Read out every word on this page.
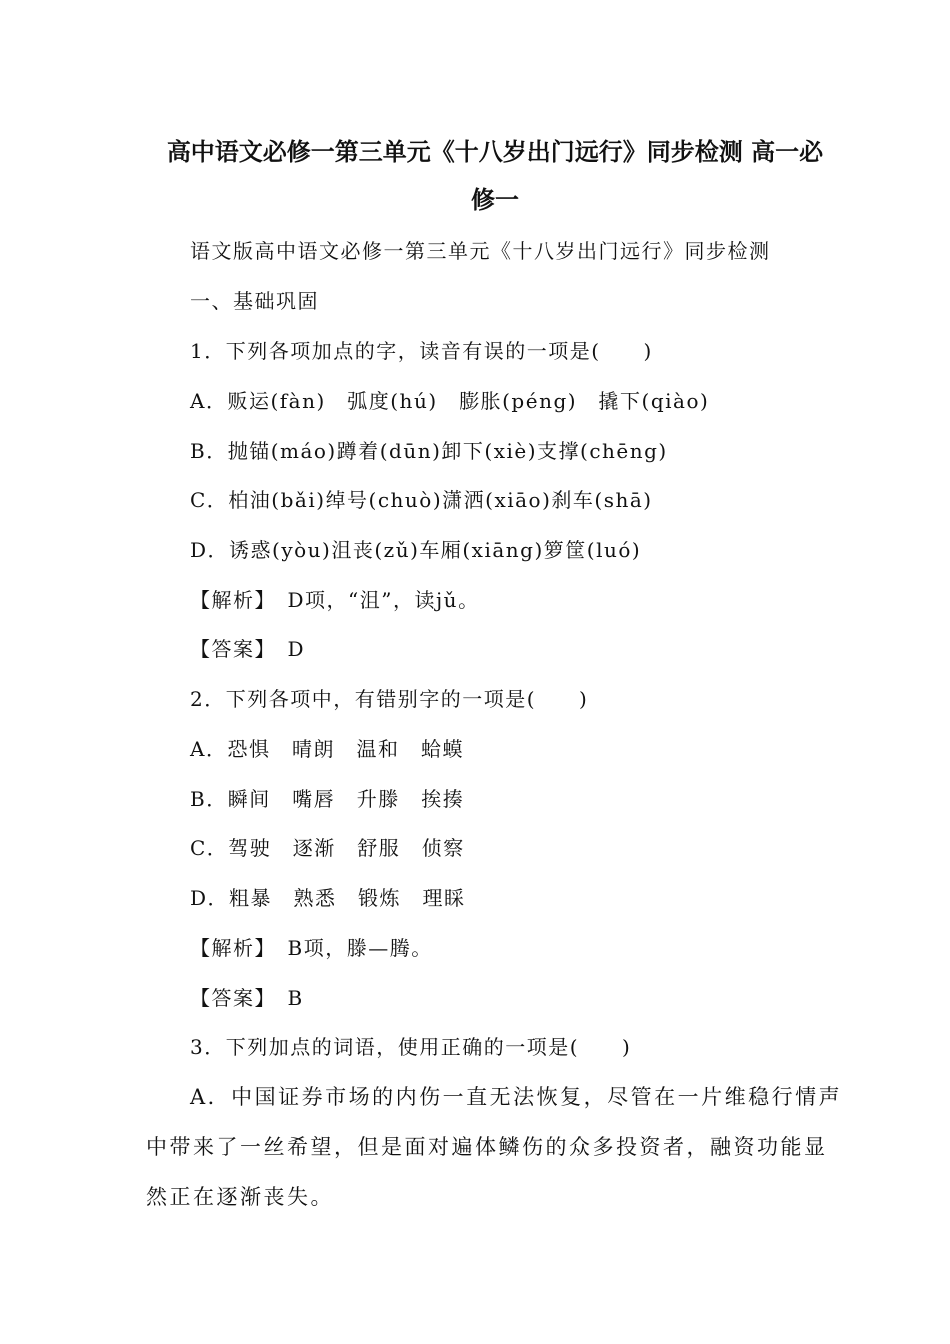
高中语文必修一第三单元《十八岁出门远行》同步检测 高一必
修一
语文版高中语文必修一第三单元《十八岁出门远行》同步检测
一、基础巩固
1．下列各项加点的字，读音有误的一项是(　　)
A．贩运(fàn)　弧度(hú)　膨胀(péng)　撬下(qiào)
B．抛锚(máo)蹲着(dūn)卸下(xiè)支撑(chēng)
C．柏油(bǎi)绰号(chuò)潇洒(xiāo)刹车(shā)
D．诱惑(yòu)沮丧(zǔ)车厢(xiāng)箩筐(luó)
【解析】　D项，“沮”，读jǔ。
【答案】　D
2．下列各项中，有错别字的一项是(　　)
A．恐惧　晴朗　温和　蛤蟆
B．瞬间　嘴唇　升滕　挨揍
C．驾驶　逐渐　舒服　侦察
D．粗暴　熟悉　锻炼　理睬
【解析】　B项，滕—腾。
【答案】　B
3．下列加点的词语，使用正确的一项是(　　)
A．中国证券市场的内伤一直无法恢复，尽管在一片维稳行情声
中带来了一丝希望，但是面对遍体鳞伤的众多投资者，融资功能显
然正在逐渐丧失。
